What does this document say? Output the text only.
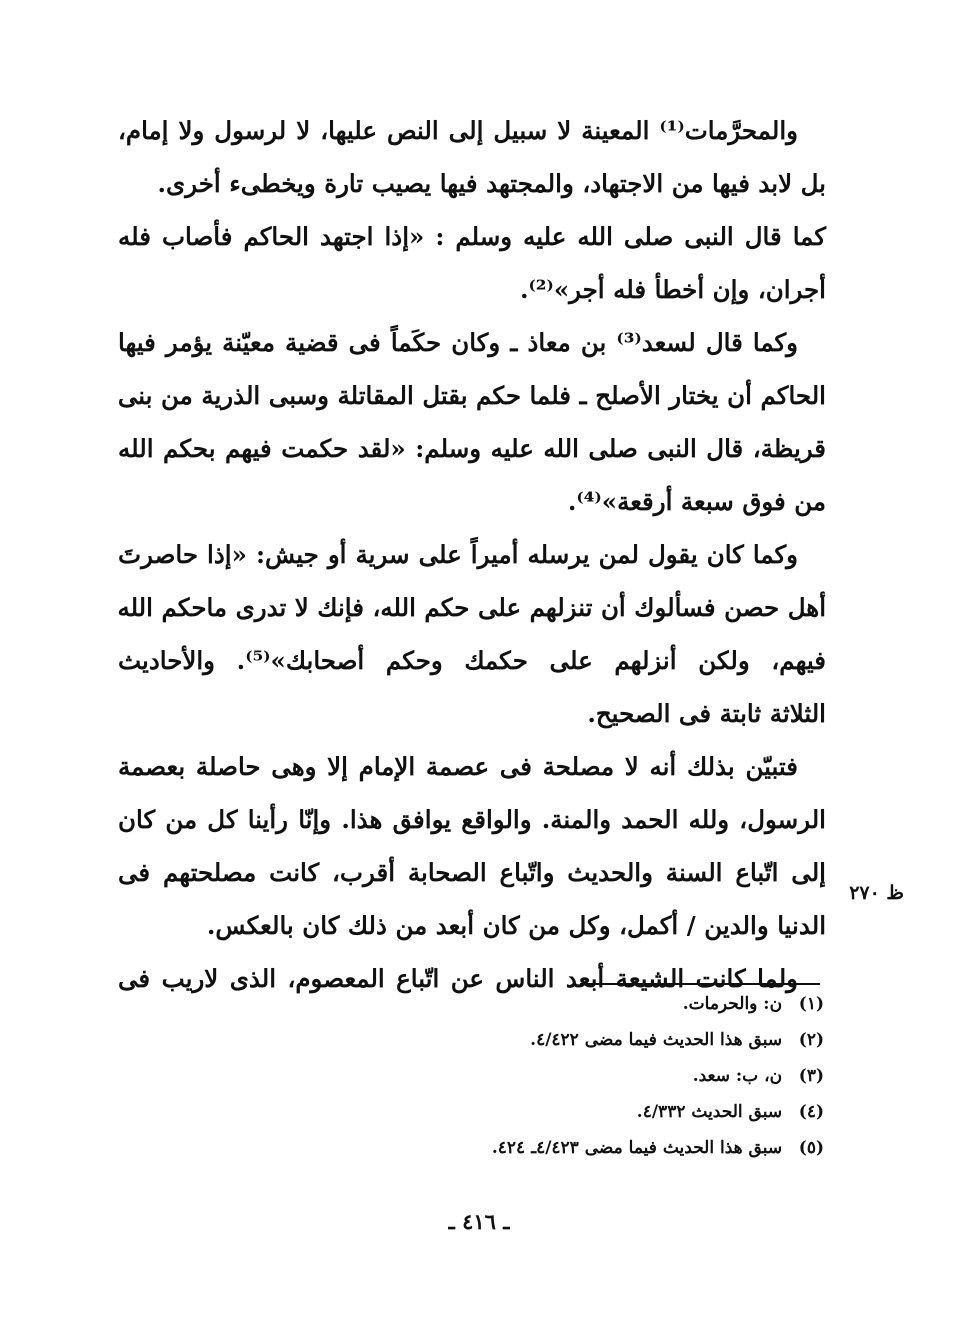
والمحرَّمات⁽¹⁾ المعينة لا سبيل إلى النص عليها، لا لرسول ولا إمام،
بل لابد فيها من الاجتهاد، والمجتهد فيها يصيب تارة ويخطىء أخرى.
كما قال النبى صلى الله عليه وسلم : «إذا اجتهد الحاكم فأصاب فله
أجران، وإن أخطأ فله أجر»⁽²⁾.
وكما قال لسعد⁽³⁾ بن معاذ ـ وكان حكَماً فى قضية معيّنة يؤمر فيها
الحاكم أن يختار الأصلح ـ فلما حكم بقتل المقاتلة وسبى الذرية من بنى
قريظة، قال النبى صلى الله عليه وسلم: «لقد حكمت فيهم بحكم الله
من فوق سبعة أرقعة»⁽⁴⁾.
وكما كان يقول لمن يرسله أميراً على سرية أو جيش: «إذا حاصرتَ
أهل حصن فسألوك أن تنزلهم على حكم الله، فإنك لا تدرى ماحكم الله
فيهم، ولكن أنزلهم على حكمك وحكم أصحابك»⁽⁵⁾. والأحاديث
الثلاثة ثابتة فى الصحيح.
فتبيّن بذلك أنه لا مصلحة فى عصمة الإمام إلا وهى حاصلة بعصمة
الرسول، ولله الحمد والمنة. والواقع يوافق هذا. وإنّا رأينا كل من كان
إلى اتّباع السنة والحديث واتّباع الصحابة أقرب، كانت مصلحتهم فى
الدنيا والدين / أكمل، وكل من كان أبعد من ذلك كان بالعكس.
ولما كانت الشيعة أبعد الناس عن اتّباع المعصوم، الذى لاريب فى
ظ ٢٧٠
(١) ن: والحرمات.
(٢) سبق هذا الحديث فيما مضى ٤/٤٢٢.
(٣) ن، ب: سعد.
(٤) سبق الحديث ٤/٣٣٢.
(٥) سبق هذا الحديث فيما مضى ٤/٤٢٣ـ ٤٢٤.
ـ ٤١٦ ـ
